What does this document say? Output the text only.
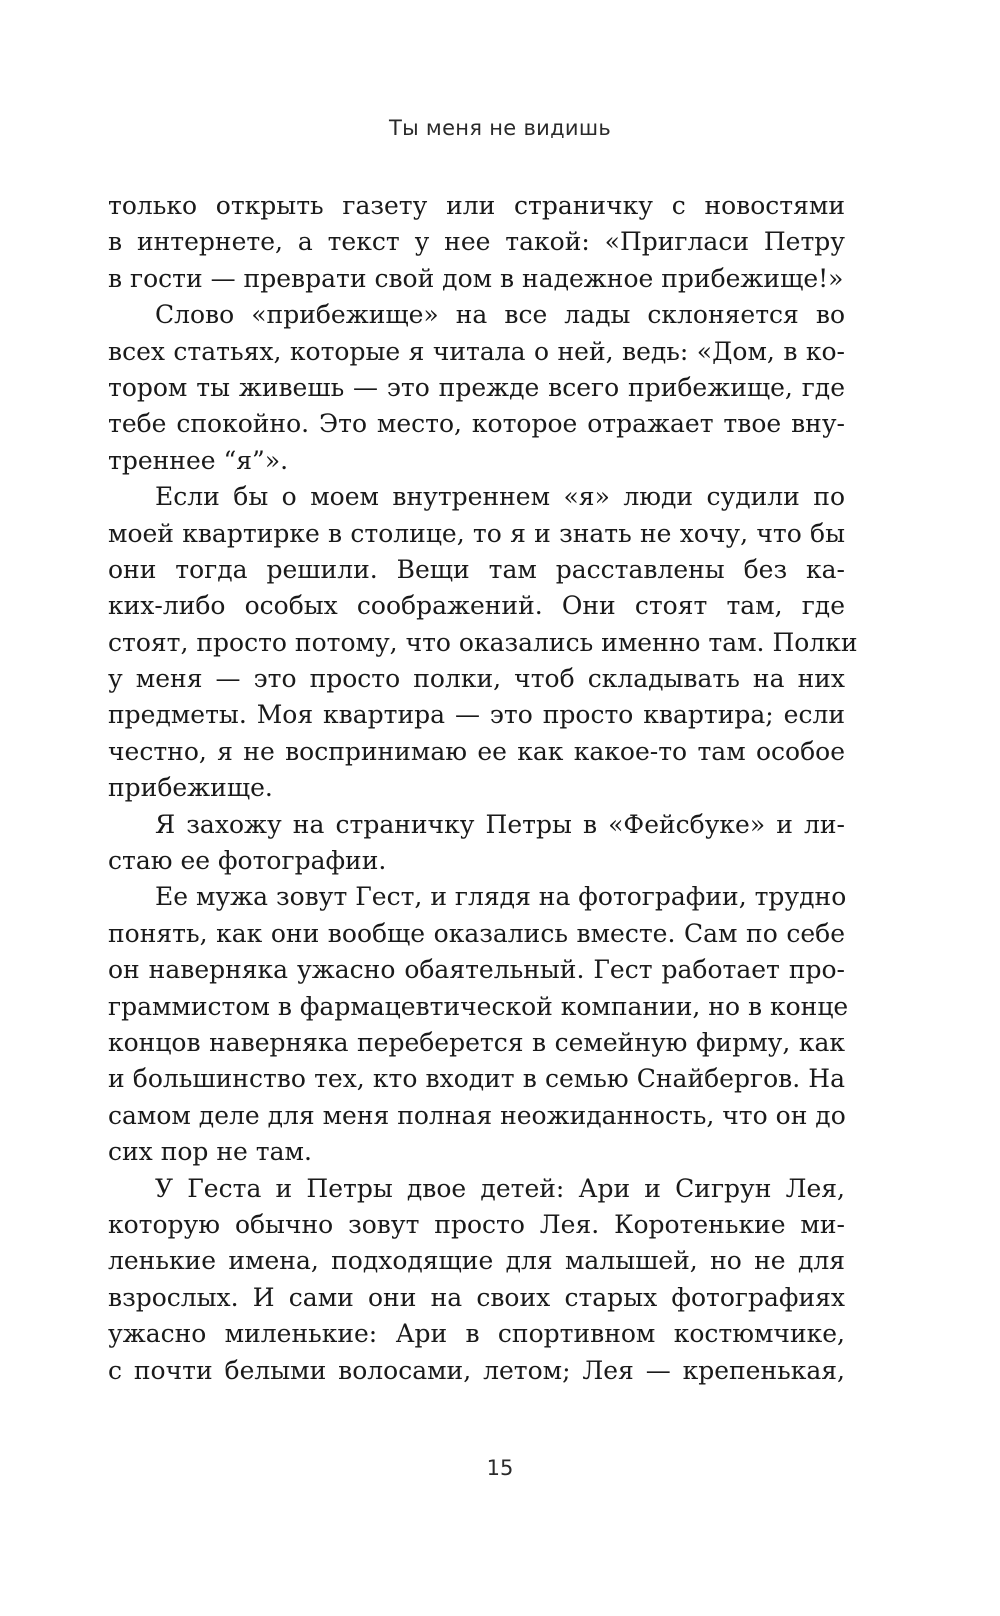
Ты меня не видишь
только открыть газету или страничку с новостями
в интернете, а текст у нее такой: «Пригласи Петру
в гости — преврати свой дом в надежное прибежище!»
Слово «прибежище» на все лады склоняется во
всех статьях, которые я читала о ней, ведь: «Дом, в ко-
тором ты живешь — это прежде всего прибежище, где
тебе спокойно. Это место, которое отражает твое вну-
треннее “я”».
Если бы о моем внутреннем «я» люди судили по
моей квартирке в столице, то я и знать не хочу, что бы
они тогда решили. Вещи там расставлены без ка-
ких-либо особых соображений. Они стоят там, где
стоят, просто потому, что оказались именно там. Полки
у меня — это просто полки, чтоб складывать на них
предметы. Моя квартира — это просто квартира; если
честно, я не воспринимаю ее как какое-то там особое
прибежище.
Я захожу на страничку Петры в «Фейсбуке» и ли-
стаю ее фотографии.
Ее мужа зовут Гест, и глядя на фотографии, трудно
понять, как они вообще оказались вместе. Сам по себе
он наверняка ужасно обаятельный. Гест работает про-
граммистом в фармацевтической компании, но в конце
концов наверняка переберется в семейную фирму, как
и большинство тех, кто входит в семью Снайбергов. На
самом деле для меня полная неожиданность, что он до
сих пор не там.
У Геста и Петры двое детей: Ари и Сигрун Лея,
которую обычно зовут просто Лея. Коротенькие ми-
ленькие имена, подходящие для малышей, но не для
взрослых. И сами они на своих старых фотографиях
ужасно миленькие: Ари в спортивном костюмчике,
с почти белыми волосами, летом; Лея — крепенькая,
15
